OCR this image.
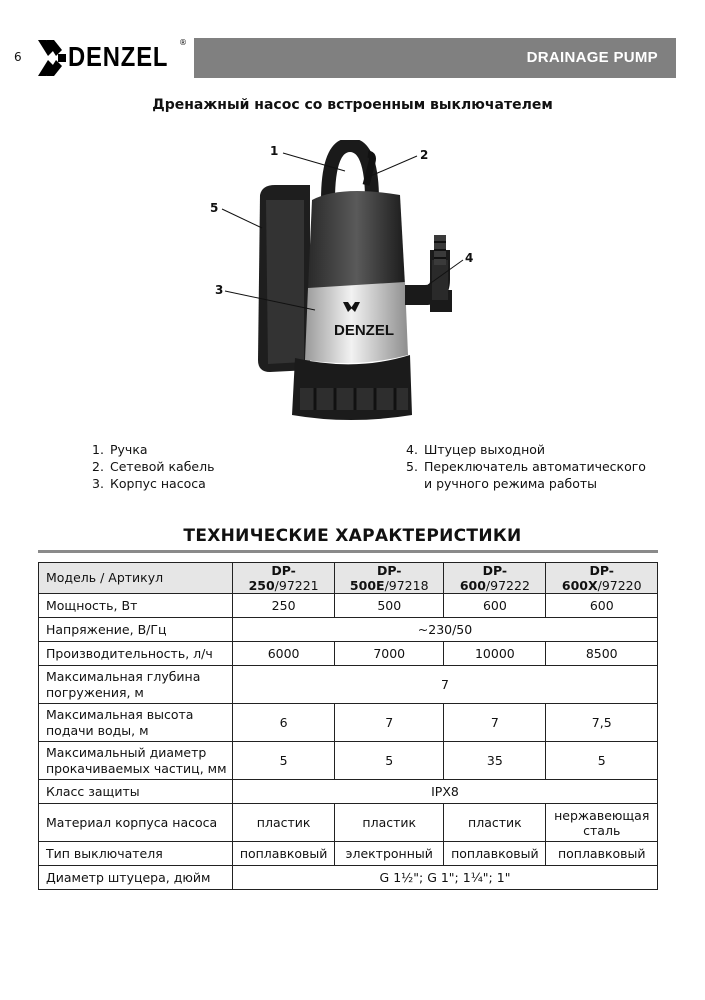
6 DENZEL ®
DRAINAGE PUMP
Дренажный насос со встроенным выключателем
DENZEL
1	2
3
4
5
1. Ручка
2. Сетевой кабель
3. Корпус насоса
4. Штуцер выходной
5. Переключатель автоматического
и ручного режима работы
ТЕХНИЧЕСКИЕ ХАРАКТЕРИСТИКИ
Модель / Артикул	DP-250/97221	DP-500E/97218	DP-600/97222	DP-600X/97220
Мощность, Вт	250	500	600	600
Напряжение, В/Гц	~230/50			
Производительность, л/ч	6000	7000	10000	8500
Максимальная глубина
погружения, м	7			
Максимальная высота
подачи воды, м	6	7	7	7,5
Максимальный диаметр
прокачиваемых частиц, мм	5	5	35	5
Класс защиты	IPX8			
Материал корпуса насоса	пластик	пластик	пластик	нержавеющая
сталь
Тип выключателя	поплавковый	электронный	поплавковый	поплавковый
Диаметр штуцера, дюйм	G 1½"; G 1"; 1¼"; 1"			
